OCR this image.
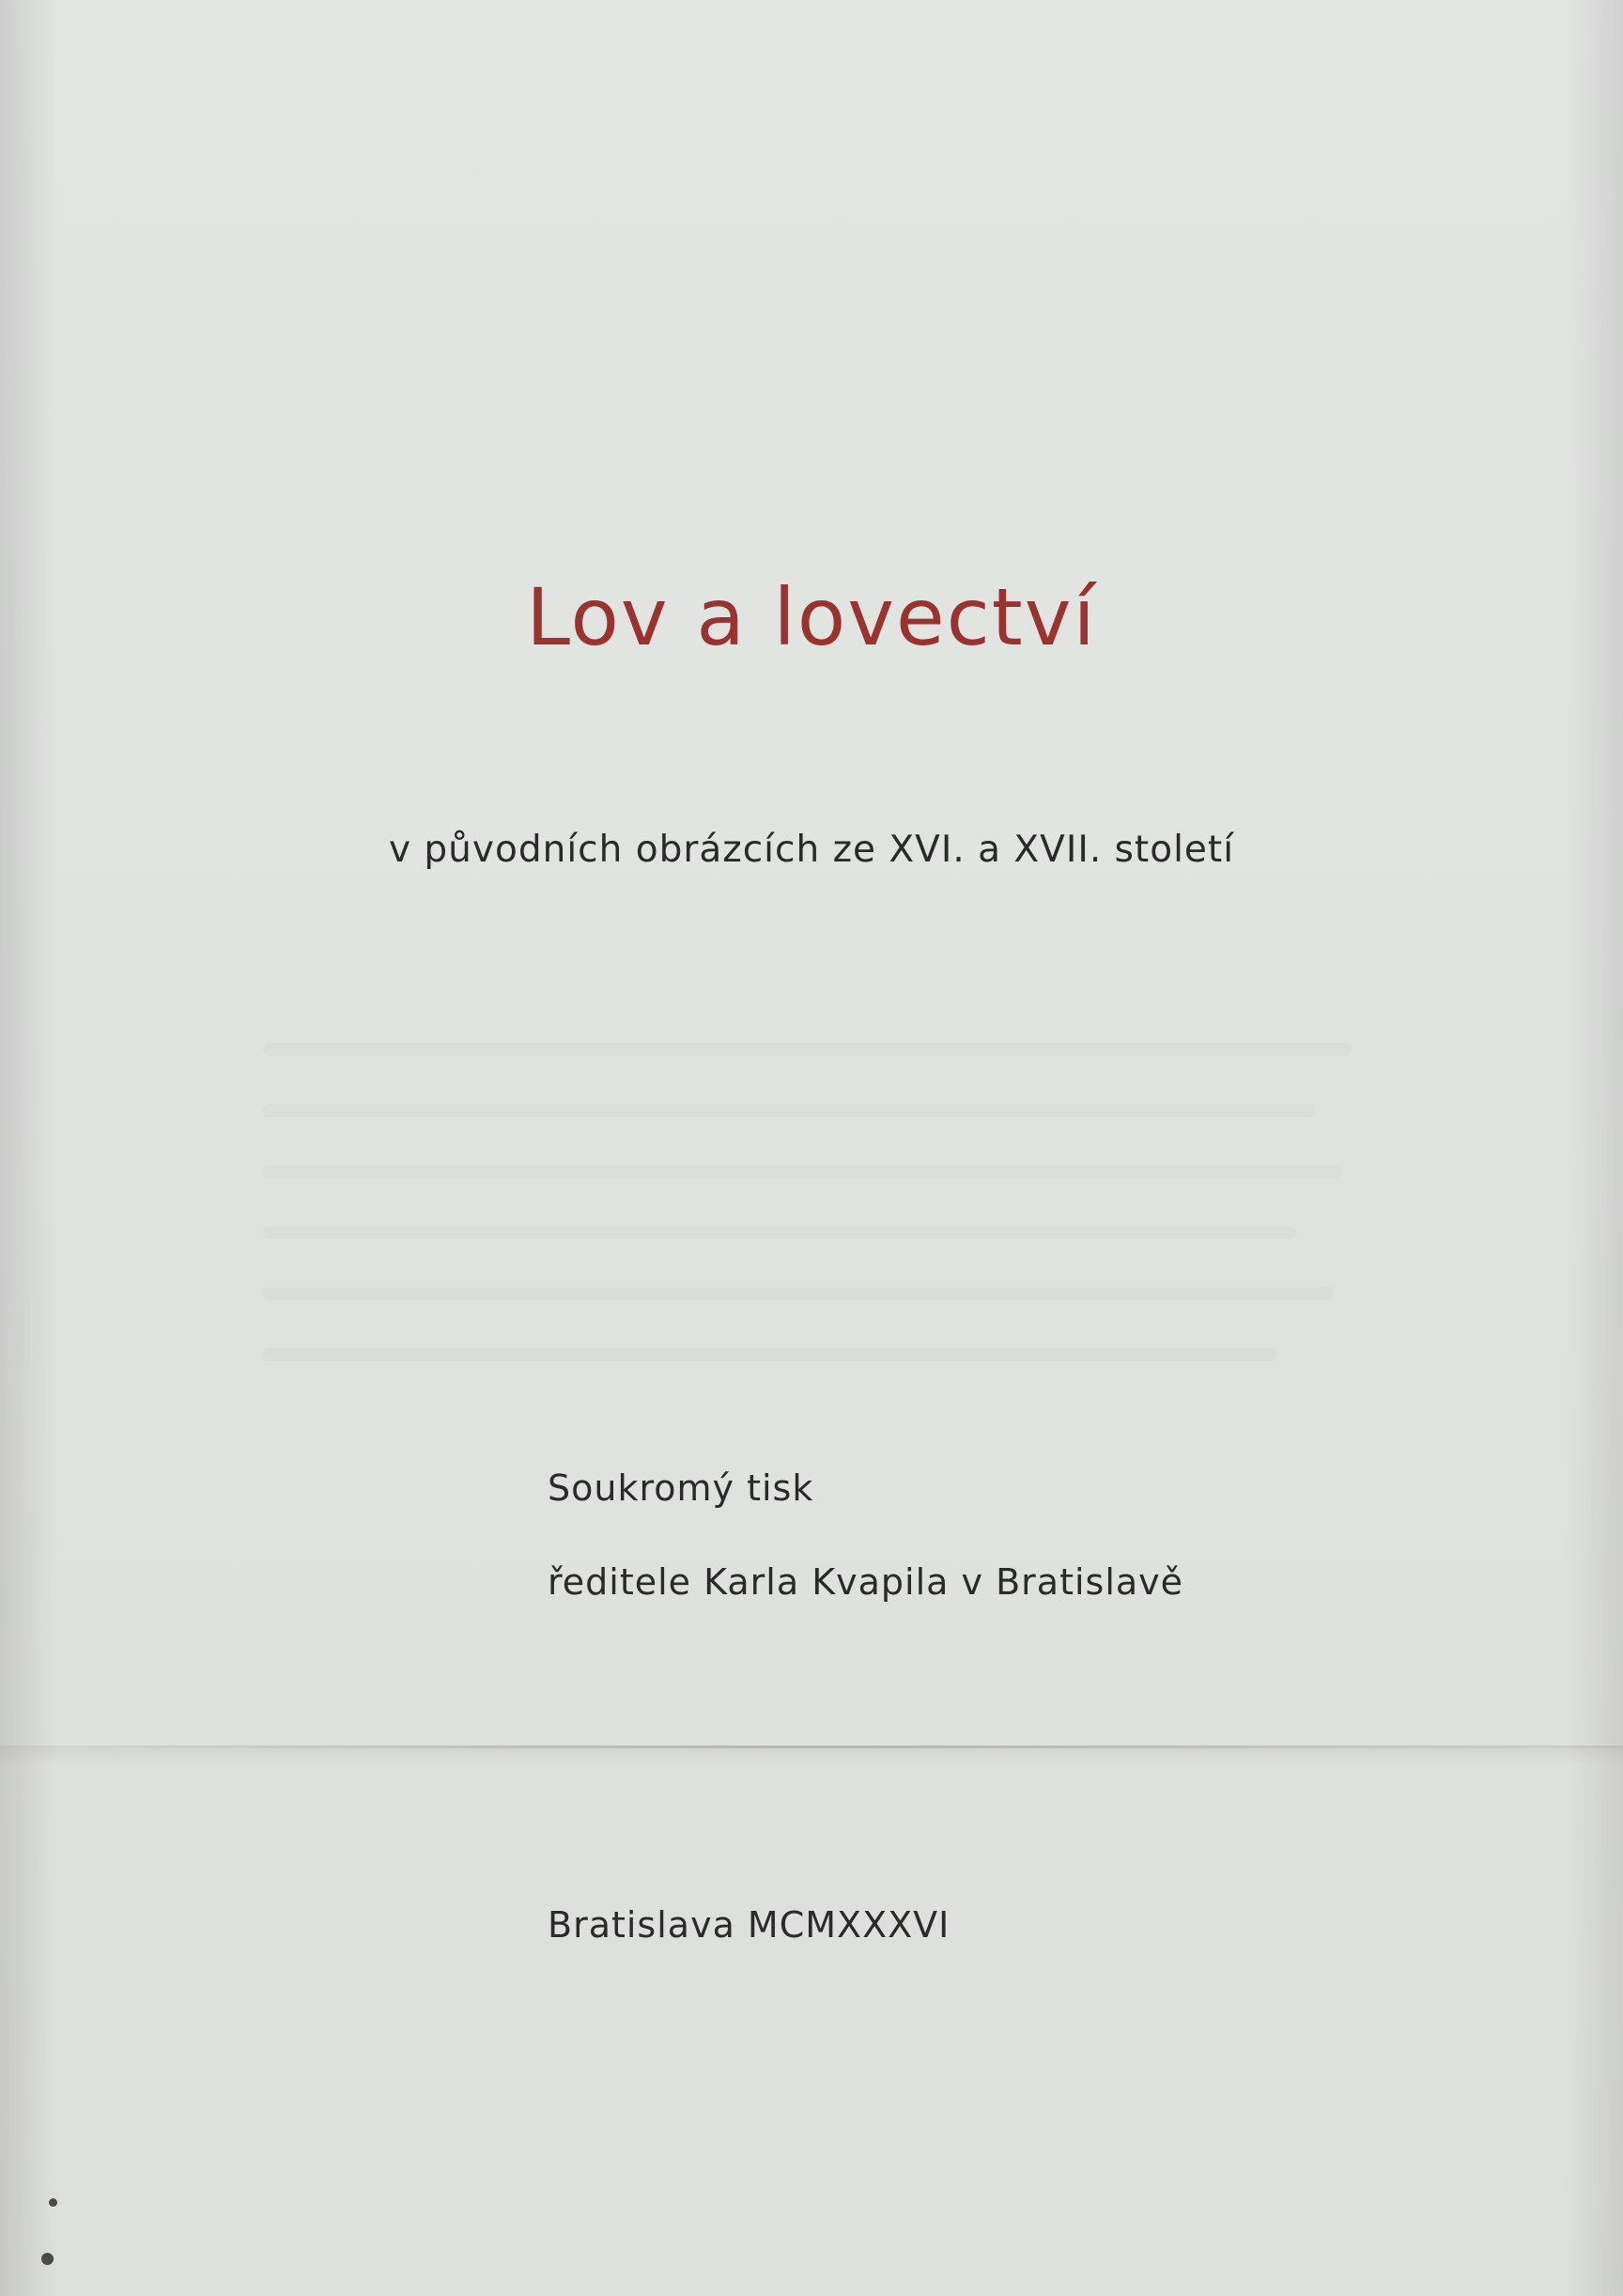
Lov a lovectví
v původních obrázcích ze XVI. a XVII. století
Soukromý tisk
ředitele Karla Kvapila v Bratislavě
Bratislava MCMXXXVI
